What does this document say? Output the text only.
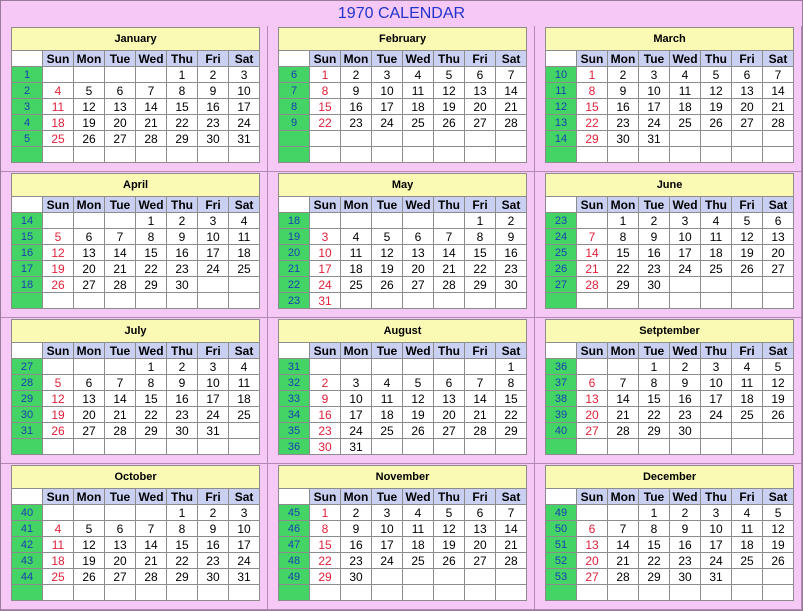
1970 CALENDAR
January							
	Sun	Mon	Tue	Wed	Thu	Fri	Sat
1					1	2	3
2	4	5	6	7	8	9	10
3	11	12	13	14	15	16	17
4	18	19	20	21	22	23	24
5	25	26	27	28	29	30	31

February							
	Sun	Mon	Tue	Wed	Thu	Fri	Sat
6	1	2	3	4	5	6	7
7	8	9	10	11	12	13	14
8	15	16	17	18	19	20	21
9	22	23	24	25	26	27	28

March							
	Sun	Mon	Tue	Wed	Thu	Fri	Sat
10	1	2	3	4	5	6	7
11	8	9	10	11	12	13	14
12	15	16	17	18	19	20	21
13	22	23	24	25	26	27	28
14	29	30	31				

April							
	Sun	Mon	Tue	Wed	Thu	Fri	Sat
14				1	2	3	4
15	5	6	7	8	9	10	11
16	12	13	14	15	16	17	18
17	19	20	21	22	23	24	25
18	26	27	28	29	30		

May							
	Sun	Mon	Tue	Wed	Thu	Fri	Sat
18						1	2
19	3	4	5	6	7	8	9
20	10	11	12	13	14	15	16
21	17	18	19	20	21	22	23
22	24	25	26	27	28	29	30
23	31						
June							
	Sun	Mon	Tue	Wed	Thu	Fri	Sat
23		1	2	3	4	5	6
24	7	8	9	10	11	12	13
25	14	15	16	17	18	19	20
26	21	22	23	24	25	26	27
27	28	29	30				

July							
	Sun	Mon	Tue	Wed	Thu	Fri	Sat
27				1	2	3	4
28	5	6	7	8	9	10	11
29	12	13	14	15	16	17	18
30	19	20	21	22	23	24	25
31	26	27	28	29	30	31	

August							
	Sun	Mon	Tue	Wed	Thu	Fri	Sat
31							1
32	2	3	4	5	6	7	8
33	9	10	11	12	13	14	15
34	16	17	18	19	20	21	22
35	23	24	25	26	27	28	29
36	30	31					
Setptember							
	Sun	Mon	Tue	Wed	Thu	Fri	Sat
36			1	2	3	4	5
37	6	7	8	9	10	11	12
38	13	14	15	16	17	18	19
39	20	21	22	23	24	25	26
40	27	28	29	30			

October							
	Sun	Mon	Tue	Wed	Thu	Fri	Sat
40					1	2	3
41	4	5	6	7	8	9	10
42	11	12	13	14	15	16	17
43	18	19	20	21	22	23	24
44	25	26	27	28	29	30	31

November							
	Sun	Mon	Tue	Wed	Thu	Fri	Sat
45	1	2	3	4	5	6	7
46	8	9	10	11	12	13	14
47	15	16	17	18	19	20	21
48	22	23	24	25	26	27	28
49	29	30					

December							
	Sun	Mon	Tue	Wed	Thu	Fri	Sat
49			1	2	3	4	5
50	6	7	8	9	10	11	12
51	13	14	15	16	17	18	19
52	20	21	22	23	24	25	26
53	27	28	29	30	31		
